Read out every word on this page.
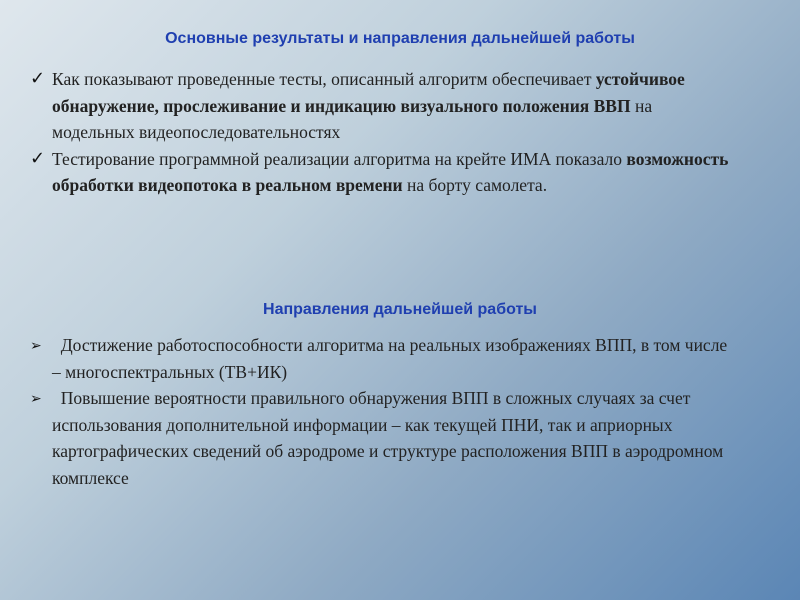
Основные результаты и направления дальнейшей работы
✓ Как показывают проведенные тесты, описанный алгоритм обеспечивает устойчивое обнаружение, прослеживание и индикацию визуального положения ВВП на модельных видеопоследовательностях
✓ Тестирование программной реализации алгоритма на крейте ИМА показало возможность обработки видеопотока в реальном времени на борту самолета.
Направления дальнейшей работы
➢ Достижение работоспособности алгоритма на реальных изображениях ВПП, в том числе – многоспектральных (ТВ+ИК)
➢ Повышение вероятности правильного обнаружения ВПП в сложных случаях за счет использования дополнительной информации – как текущей ПНИ, так и априорных картографических сведений об аэродроме и структуре расположения ВПП в аэродромном комплексе
